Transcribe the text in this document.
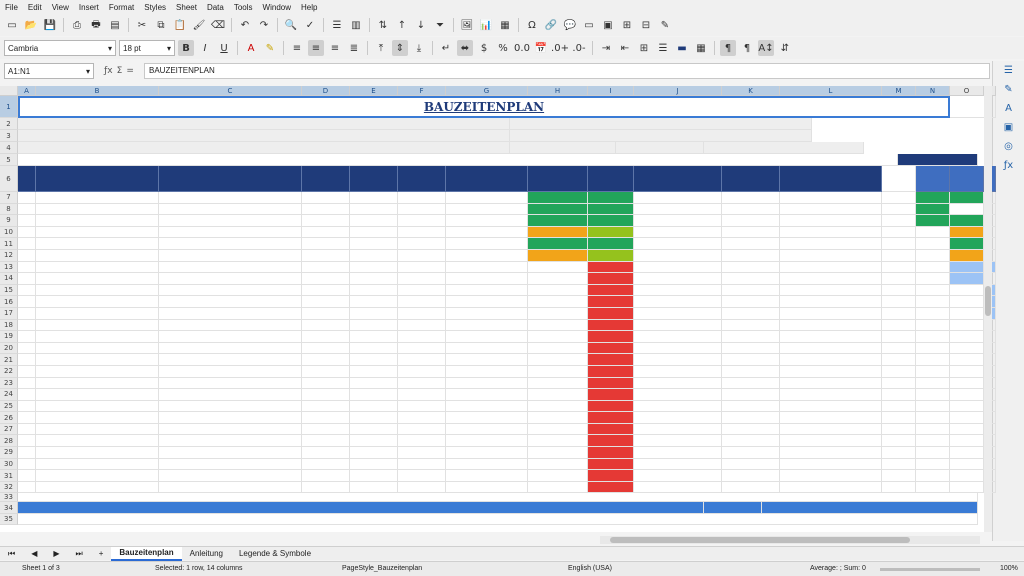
File	Edit	View	Insert	Format	Styles	Sheet	Data	Tools	Window	Help
▭ 📂 💾	⎙	🖶 ▤	✂	⧉ 📋 🖌 ⌫	↶	↷	🔍 ✓	☰ ▥	⇅	↑	↓	⏷	🖼 📊 ▦	Ω 🔗 💬 ▭ ▣	⊞	⊟	✎
Cambria	▾ 18 pt	▾	B	I	U	A	✎	≡	≡	≡	≣	⤒	⇕	⤓	↵	⬌	$	% 0.0 📅 .0+ .0-	⇥	⇤	⊞	☰ ▬ ▦	¶	¶ A↕ ⇵
A1:N1	▾ ƒx Σ =	BAUZEITENPLAN	☰
✎
A
▣
◎
ƒx
A	B	C	D	E	F	G	H	I	J	K	L	M	N	O
1	BAUZEITENPLAN
2
3
4
5
6
7
8
9
10
11
12
13
14
15
16
17
18
19
20
21
22
23
24
25
26
27
28
29
30
31
32
33
34
35
⏮	◀	▶	⏭	+	Bauzeitenplan	Anleitung	Legende & Symbole
Sheet 1 of 3	Selected: 1 row, 14 columns	PageStyle_Bauzeitenplan	English (USA)	Average: ; Sum: 0	100%
